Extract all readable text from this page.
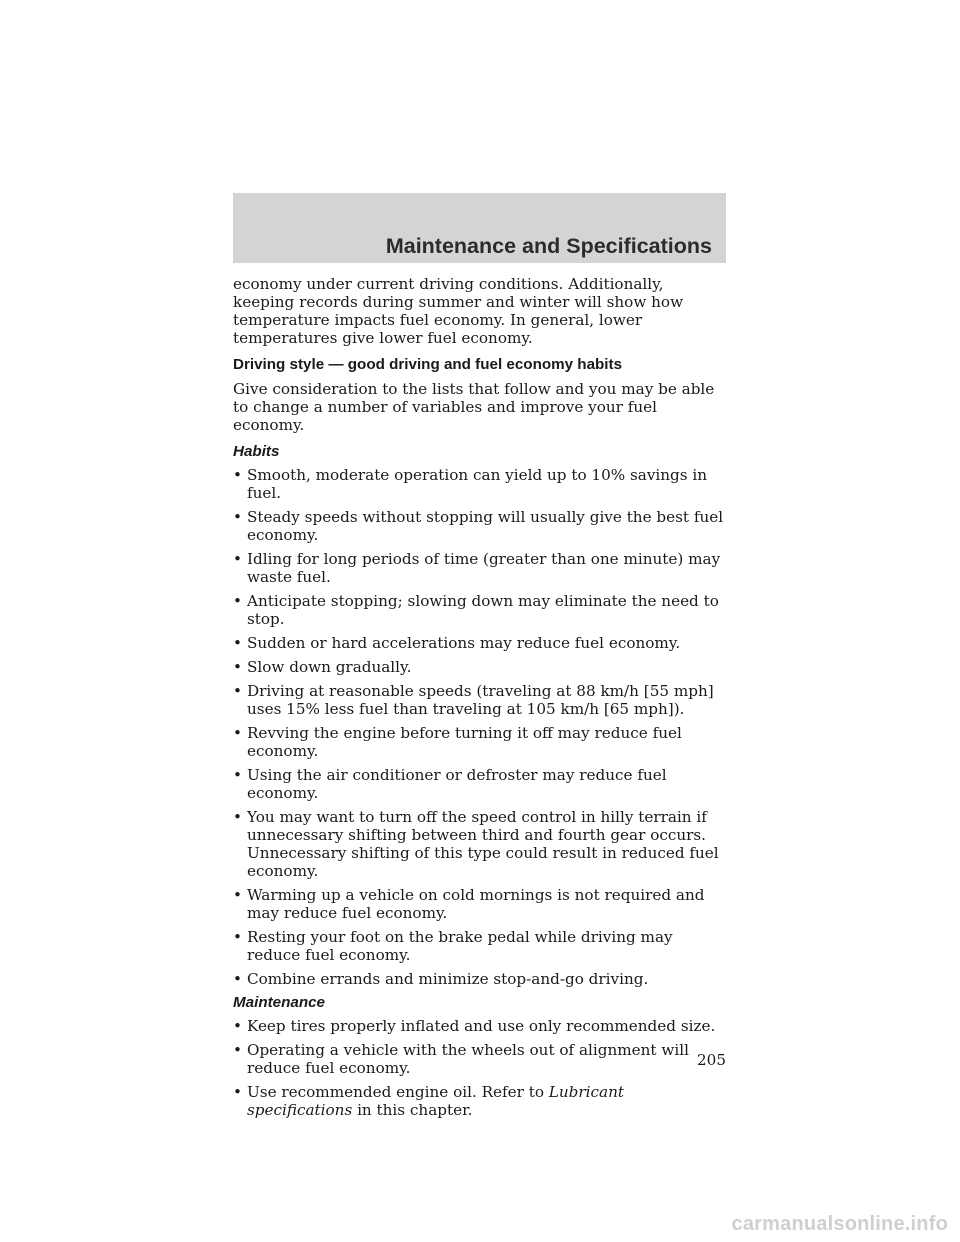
Maintenance and Specifications

economy under current driving conditions. Additionally, keeping records during summer and winter will show how temperature impacts fuel economy. In general, lower temperatures give lower fuel economy.

Driving style — good driving and fuel economy habits

Give consideration to the lists that follow and you may be able to change a number of variables and improve your fuel economy.

Habits
• Smooth, moderate operation can yield up to 10% savings in fuel.
• Steady speeds without stopping will usually give the best fuel economy.
• Idling for long periods of time (greater than one minute) may waste fuel.
• Anticipate stopping; slowing down may eliminate the need to stop.
• Sudden or hard accelerations may reduce fuel economy.
• Slow down gradually.
• Driving at reasonable speeds (traveling at 88 km/h [55 mph] uses 15% less fuel than traveling at 105 km/h [65 mph]).
• Revving the engine before turning it off may reduce fuel economy.
• Using the air conditioner or defroster may reduce fuel economy.
• You may want to turn off the speed control in hilly terrain if unnecessary shifting between third and fourth gear occurs. Unnecessary shifting of this type could result in reduced fuel economy.
• Warming up a vehicle on cold mornings is not required and may reduce fuel economy.
• Resting your foot on the brake pedal while driving may reduce fuel economy.
• Combine errands and minimize stop-and-go driving.
Maintenance
• Keep tires properly inflated and use only recommended size.
• Operating a vehicle with the wheels out of alignment will reduce fuel economy.
• Use recommended engine oil. Refer to Lubricant specifications in this chapter.
205
carmanualsonline.info
